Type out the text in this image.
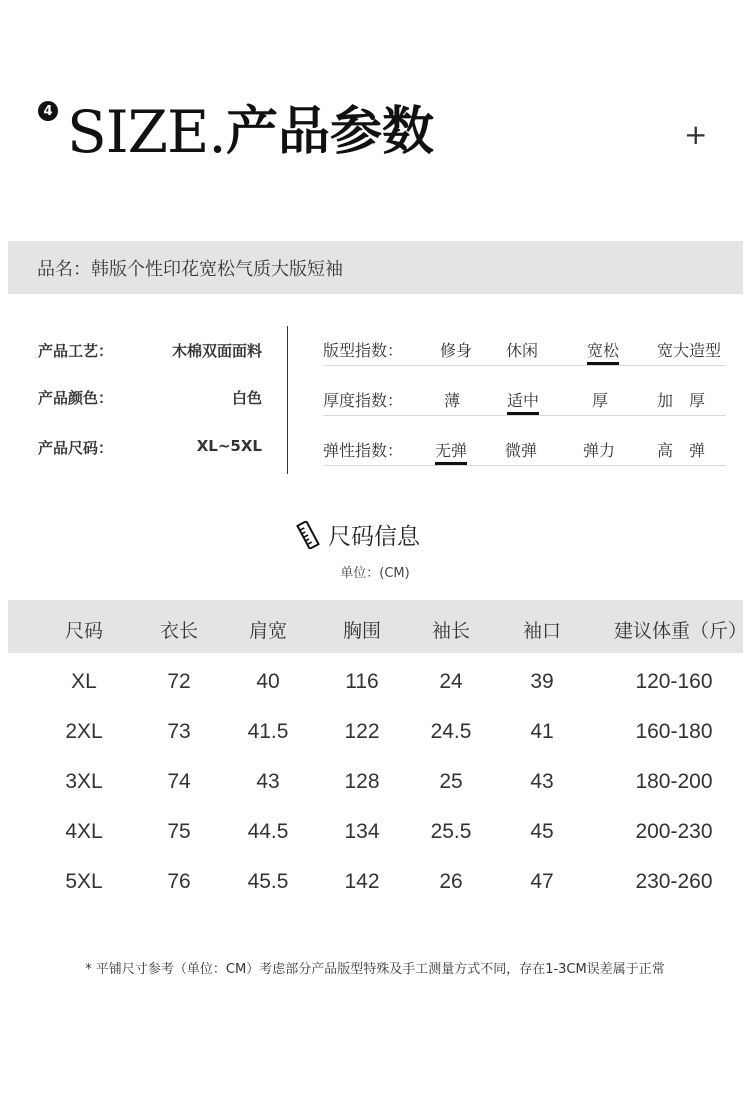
4 SIZE. 产品参数	+
品名：韩版个性印花宽松气质大版短袖
产品工艺：	木棉双面面料
产品颜色：	白色
产品尺码：	XL~5XL
版型指数： 修身 休闲	宽松 宽大造型
厚度指数：	薄	适中	厚	加　厚
弹性指数： 无弹 微弹	弹力	高　弹
尺码信息
单位：(CM)
尺码	衣长	肩宽	胸围	袖长	袖口	建议体重（斤）
XL	72	40	116	24	39	120-160
2XL	73	41.5	122	24.5	41	160-180
3XL	74	43	128	25	43	180-200
4XL	75	44.5	134	25.5	45	200-230
5XL	76	45.5	142	26	47	230-260
* 平铺尺寸参考（单位：CM）考虑部分产品版型特殊及手工测量方式不同，存在1-3CM误差属于正常
